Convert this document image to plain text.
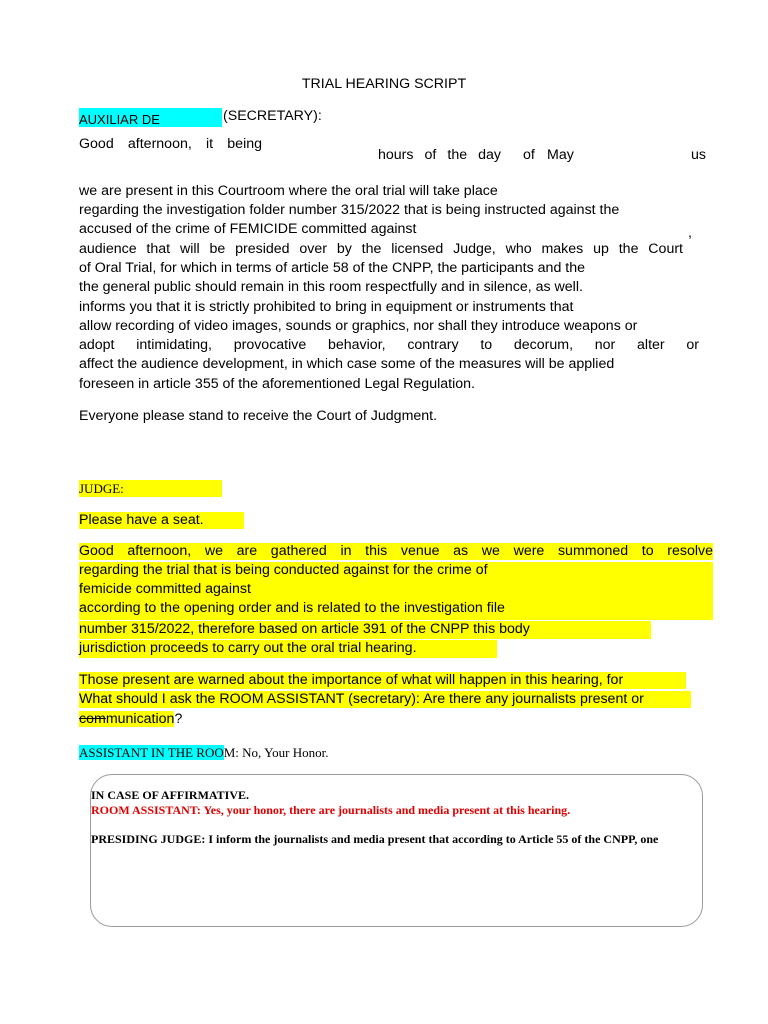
TRIAL HEARING SCRIPT
AUXILIAR DE	(SECRETARY):
Good afternoon, it being
hours of the day of May	us
we are present in this Courtroom where the oral trial will take place
regarding the investigation folder number 315/2022 that is being instructed against the
accused of the crime of FEMICIDE committed against	,
audience that will be presided over by the licensed Judge, who makes up the Court
of Oral Trial, for which in terms of article 58 of the CNPP, the participants and the
the general public should remain in this room respectfully and in silence, as well.
informs you that it is strictly prohibited to bring in equipment or instruments that
allow recording of video images, sounds or graphics, nor shall they introduce weapons or
adopt intimidating, provocative behavior, contrary to decorum, nor alter or
affect the audience development, in which case some of the measures will be applied
foreseen in article 355 of the aforementioned Legal Regulation.
Everyone please stand to receive the Court of Judgment.
JUDGE:
Please have a seat.
Good afternoon, we are gathered in this venue as we were summoned to resolve
regarding the trial that is being conducted against for the crime of
femicide committed against
according to the opening order and is related to the investigation file
number 315/2022, therefore based on article 391 of the CNPP this body
jurisdiction proceeds to carry out the oral trial hearing.
Those present are warned about the importance of what will happen in this hearing, for
What should I ask the ROOM ASSISTANT (secretary): Are there any journalists present or
communication?
ASSISTANT IN THE ROOM: No, Your Honor.
IN CASE OF AFFIRMATIVE.
ROOM ASSISTANT: Yes, your honor, there are journalists and media present at this hearing.
PRESIDING JUDGE: I inform the journalists and media present that according to Article 55 of the CNPP, one
